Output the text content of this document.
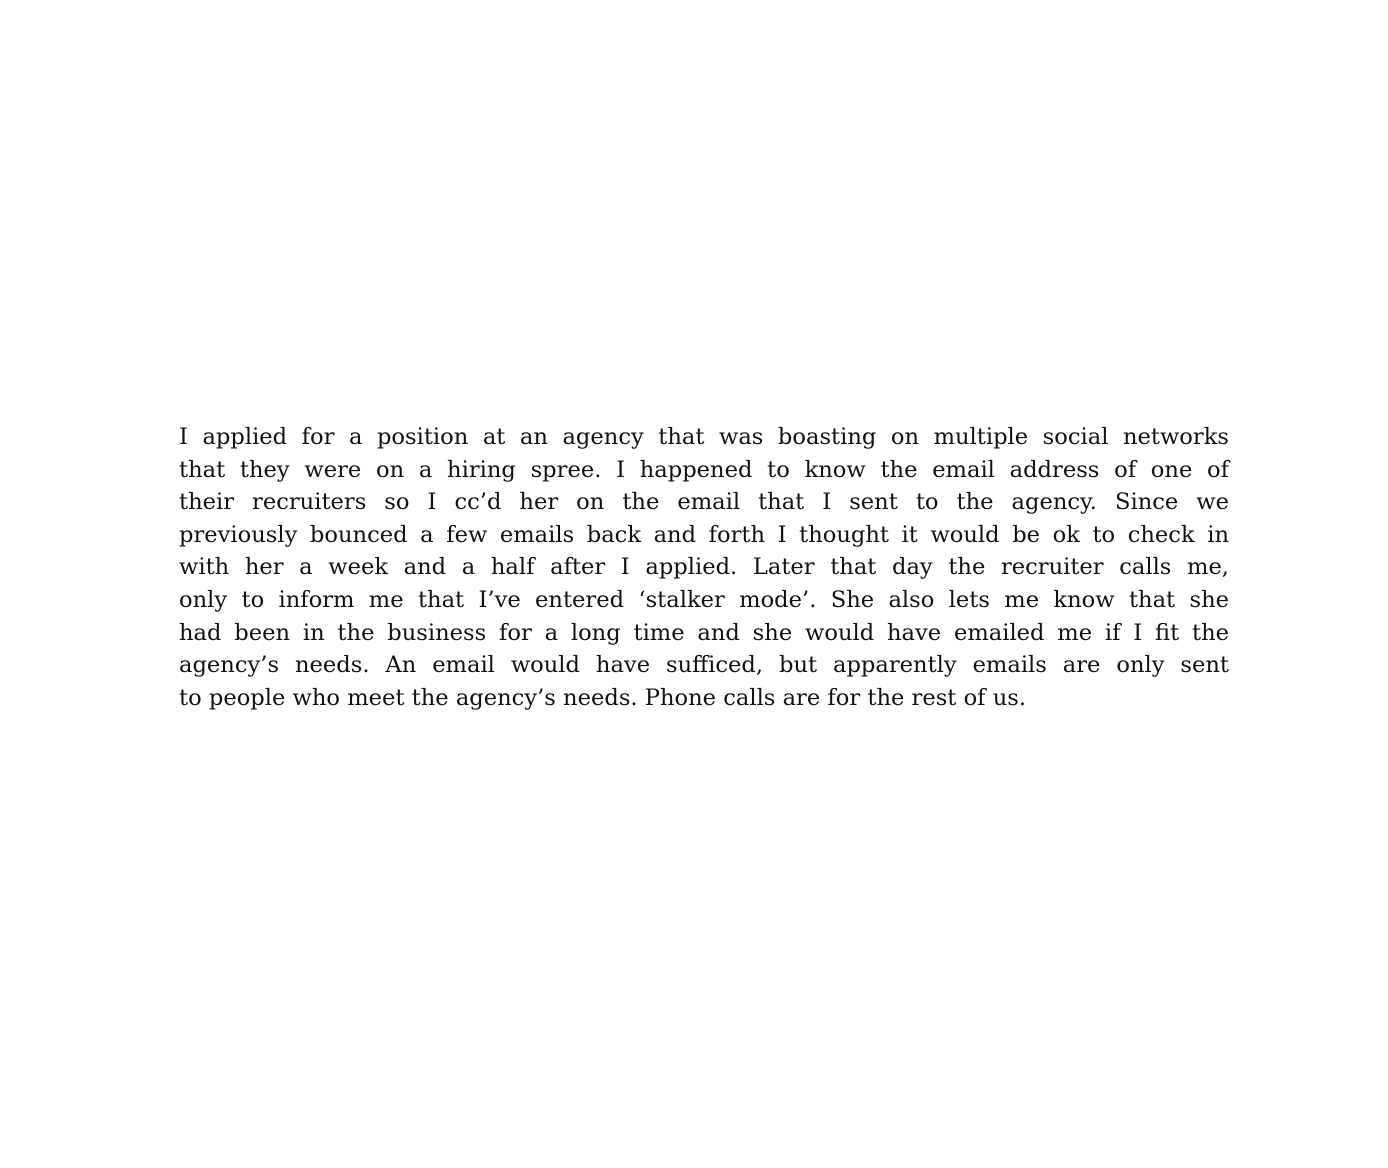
I applied for a position at an agency that was boasting on multiple social networks
that they were on a hiring spree. I happened to know the email address of one of
their recruiters so I cc’d her on the email that I sent to the agency. Since we
previously bounced a few emails back and forth I thought it would be ok to check in
with her a week and a half after I applied. Later that day the recruiter calls me,
only to inform me that I’ve entered ‘stalker mode’. She also lets me know that she
had been in the business for a long time and she would have emailed me if I fit the
agency’s needs. An email would have sufficed, but apparently emails are only sent
to people who meet the agency’s needs. Phone calls are for the rest of us.
